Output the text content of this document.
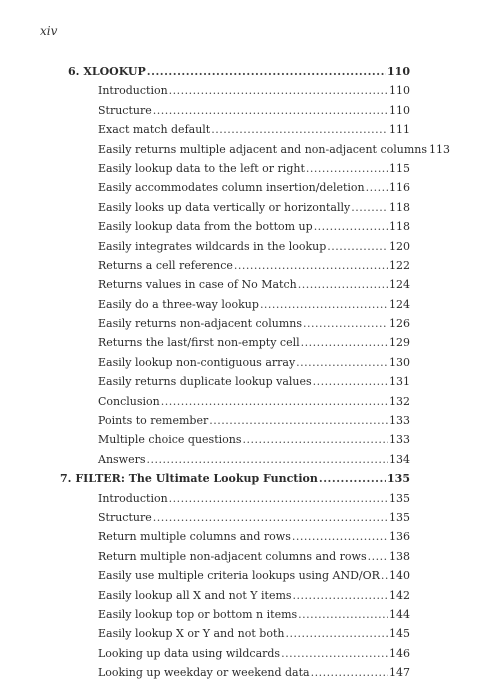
xiv
6. XLOOKUP .....	110
Introduction .....	110
Structure .....	110
Exact match default .....	111
Easily returns multiple adjacent and non-adjacent columns 113
Easily lookup data to the left or right .....	115
Easily accommodates column insertion/deletion ..... 116
Easily looks up data vertically or horizontally .....	118
Easily lookup data from the bottom up .....	118
Easily integrates wildcards in the lookup .....	120
Returns a cell reference .....	122
Returns values in case of No Match .....	124
Easily do a three-way lookup .....	124
Easily returns non-adjacent columns .....	126
Returns the last/first non-empty cell .....	129
Easily lookup non-contiguous array .....	130
Easily returns duplicate lookup values .....	131
Conclusion .....	132
Points to remember .....	133
Multiple choice questions .....	133
Answers .....	134
7. FILTER: The Ultimate Lookup Function .....	135
Introduction .....	135
Structure .....	135
Return multiple columns and rows .....	136
Return multiple non-adjacent columns and rows ..... 138
Easily use multiple criteria lookups using AND/OR ..... 140
Easily lookup all X and not Y items .....	142
Easily lookup top or bottom n items .....	144
Easily lookup X or Y and not both .....	145
Looking up data using wildcards .....	146
Looking up weekday or weekend data .....	147
